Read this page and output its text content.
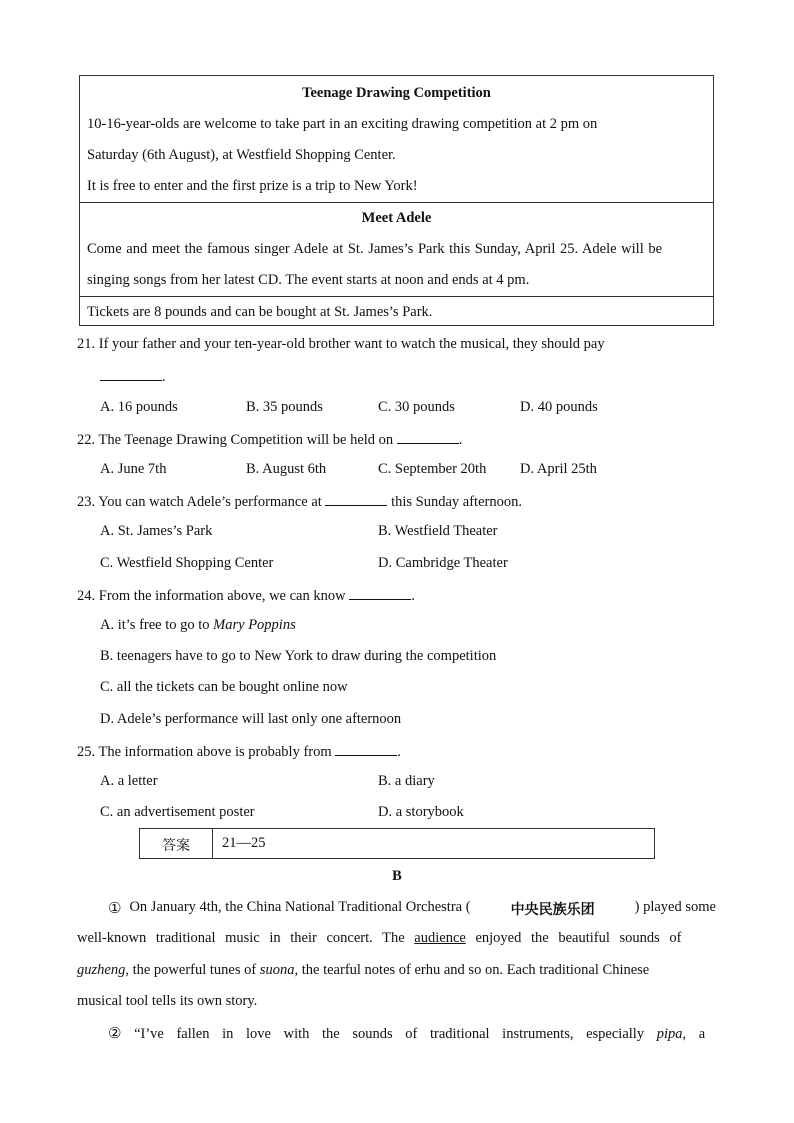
Teenage Drawing Competition
10-16-year-olds are welcome to take part in an exciting drawing competition at 2 pm on
Saturday (6th August), at Westfield Shopping Center.
It is free to enter and the first prize is a trip to New York!
Meet Adele
Come and meet the famous singer Adele at St. James’s Park this Sunday, April 25. Adele will be
singing songs from her latest CD. The event starts at noon and ends at 4 pm.
Tickets are 8 pounds and can be bought at St. James’s Park.
21. If your father and your ten-year-old brother want to watch the musical, they should pay
.
A. 16 pounds	B. 35 pounds	C. 30 pounds	D. 40 pounds
22. The Teenage Drawing Competition will be held on	.
A. June 7th	B. August 6th	C. September 20th D. April 25th
23. You can watch Adele’s performance at	this Sunday afternoon.
A. St. James’s Park	B. Westfield Theater
C. Westfield Shopping Center	D. Cambridge Theater
24. From the information above, we can know	.
A. it’s free to go to Mary Poppins
B. teenagers have to go to New York to draw during the competition
C. all the tickets can be bought online now
D. Adele’s performance will last only one afternoon
25. The information above is probably from	.
A. a letter	B. a diary
C. an advertisement poster	D. a storybook
答案	21—25
B
① On January 4th, the China National Traditional Orchestra (	中央民族乐团	) played some
well-known traditional music in their concert. The audience enjoyed the beautiful sounds of
guzheng, the powerful tunes of suona, the tearful notes of erhu and so on. Each traditional Chinese
musical tool tells its own story.
② “I’ve fallen in love with the sounds of traditional instruments, especially pipa, a
